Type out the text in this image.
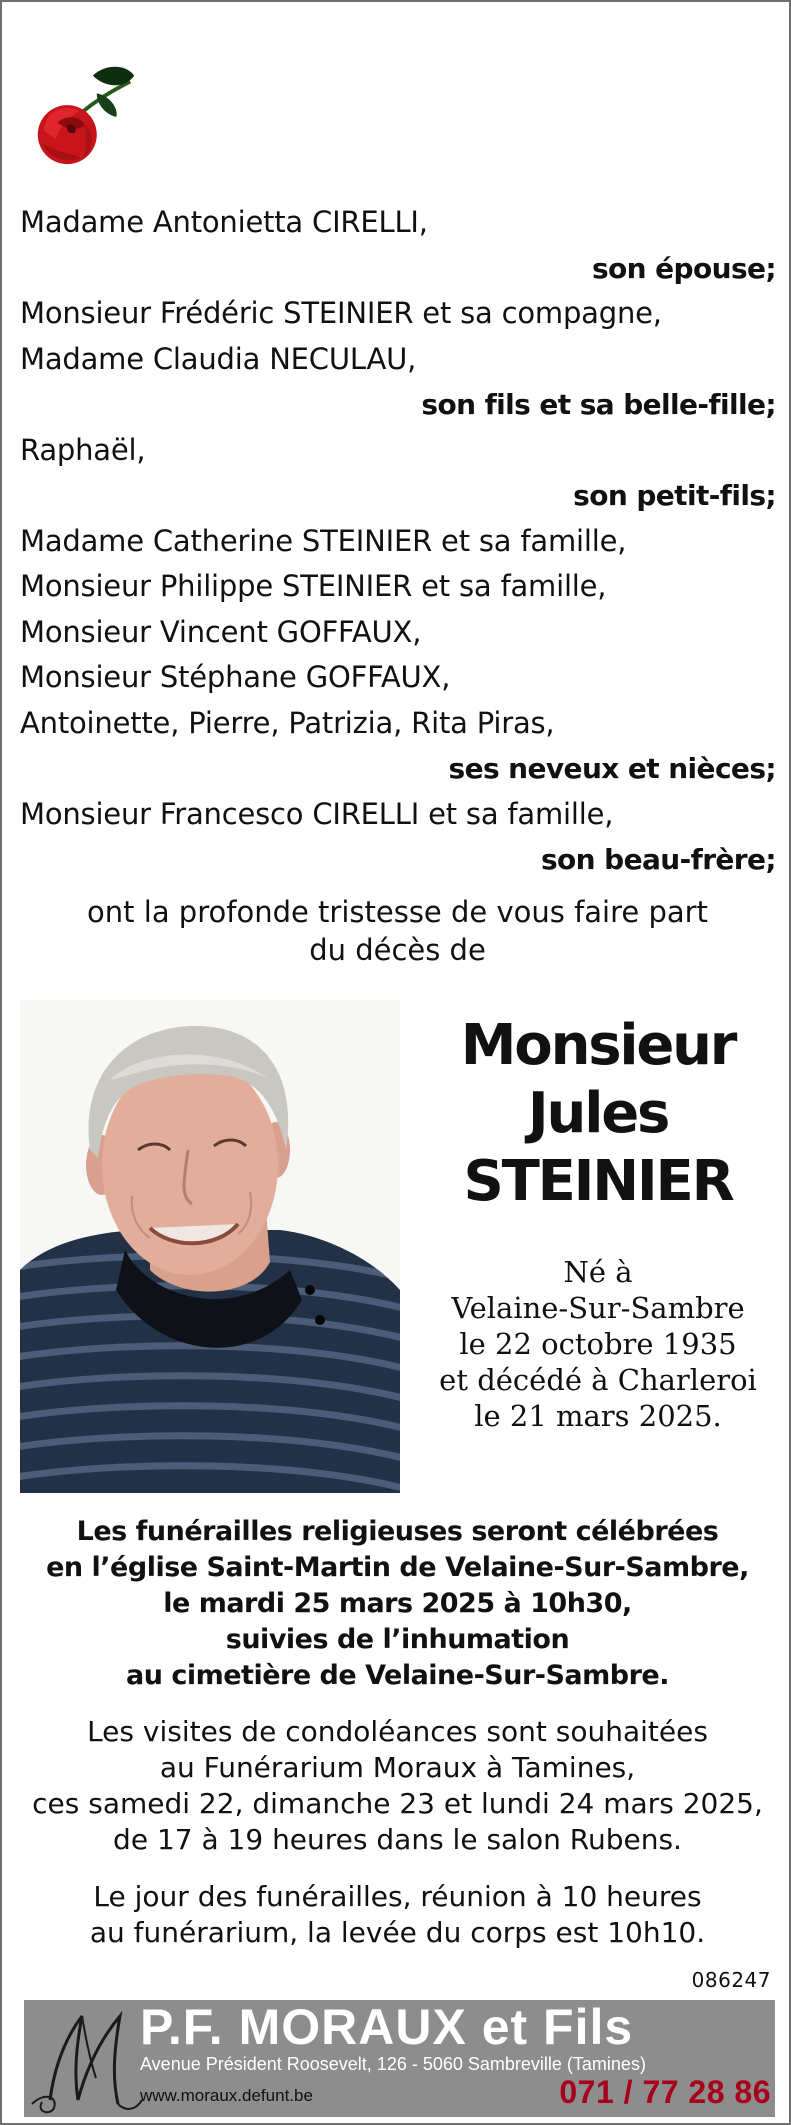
Madame Antonietta CIRELLI,
son épouse;
Monsieur Frédéric STEINIER et sa compagne,
Madame Claudia NECULAU,
son fils et sa belle-fille;
Raphaël,
son petit-fils;
Madame Catherine STEINIER et sa famille,
Monsieur Philippe STEINIER et sa famille,
Monsieur Vincent GOFFAUX,
Monsieur Stéphane GOFFAUX,
Antoinette, Pierre, Patrizia, Rita Piras,
ses neveux et nièces;
Monsieur Francesco CIRELLI et sa famille,
son beau-frère;
ont la profonde tristesse de vous faire part
du décès de
Monsieur
Jules
STEINIER
Né à
Velaine-Sur-Sambre
le 22 octobre 1935
et décédé à Charleroi
le 21 mars 2025.
Les funérailles religieuses seront célébrées
en l’église Saint-Martin de Velaine-Sur-Sambre,
le mardi 25 mars 2025 à 10h30,
suivies de l’inhumation
au cimetière de Velaine-Sur-Sambre.
Les visites de condoléances sont souhaitées
au Funérarium Moraux à Tamines,
ces samedi 22, dimanche 23 et lundi 24 mars 2025,
de 17 à 19 heures dans le salon Rubens.
Le jour des funérailles, réunion à 10 heures
au funérarium, la levée du corps est 10h10.
086247
P.F. MORAUX et Fils
Avenue Président Roosevelt, 126 - 5060 Sambreville (Tamines)
www.moraux.defunt.be	071 / 77 28 86
